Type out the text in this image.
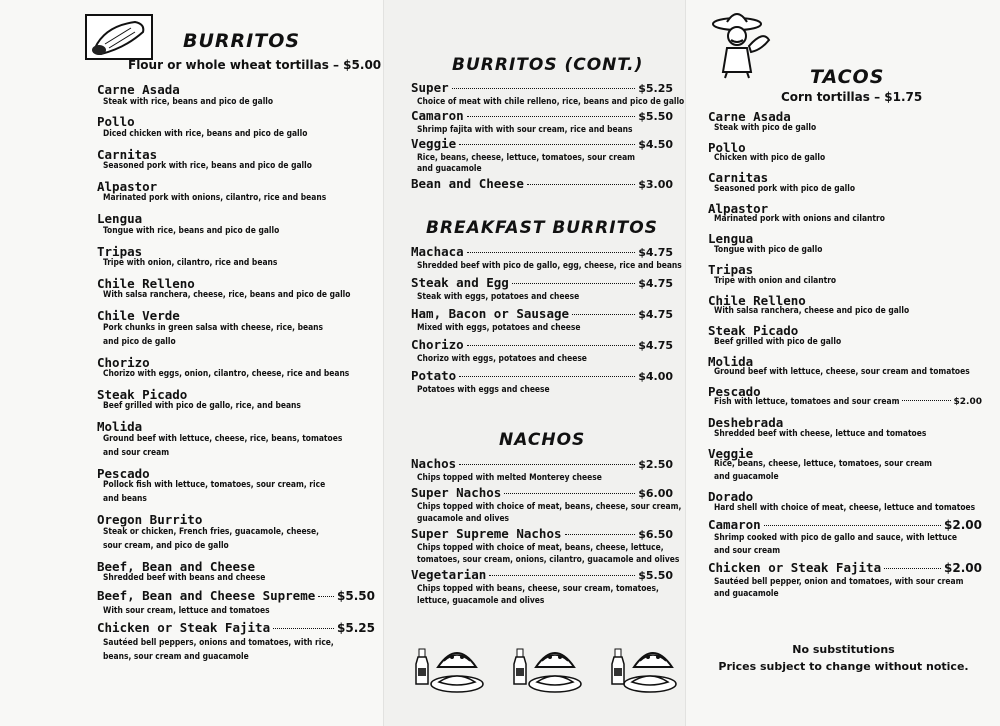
BURRITOS
Flour or whole wheat tortillas – $5.00
Carne Asada
Steak with rice, beans and pico de gallo
Pollo
Diced chicken with rice, beans and pico de gallo
Carnitas
Seasoned pork with rice, beans and pico de gallo
Alpastor
Marinated pork with onions, cilantro, rice and beans
Lengua
Tongue with rice, beans and pico de gallo
Tripas
Tripe with onion, cilantro, rice and beans
Chile Relleno
With salsa ranchera, cheese, rice, beans and pico de gallo
Chile Verde
Pork chunks in green salsa with cheese, rice, beans
and pico de gallo
Chorizo
Chorizo with eggs, onion, cilantro, cheese, rice and beans
Steak Picado
Beef grilled with pico de gallo, rice, and beans
Molida
Ground beef with lettuce, cheese, rice, beans, tomatoes
and sour cream
Pescado
Pollock fish with lettuce, tomatoes, sour cream, rice
and beans
Oregon Burrito
Steak or chicken, French fries, guacamole, cheese,
sour cream, and pico de gallo
Beef, Bean and Cheese
Shredded beef with beans and cheese
Beef, Bean and Cheese Supreme $5.50
With sour cream, lettuce and tomatoes
Chicken or Steak Fajita	$5.25
Sautéed bell peppers, onions and tomatoes, with rice,
beans, sour cream and guacamole
BURRITOS (CONT.)
Super	$5.25
Choice of meat with chile relleno, rice, beans and pico de gallo
Camaron	$5.50
Shrimp fajita with with sour cream, rice and beans
Veggie	$4.50
Rice, beans, cheese, lettuce, tomatoes, sour cream
and guacamole
Bean and Cheese	$3.00
BREAKFAST BURRITOS
Machaca	$4.75
Shredded beef with pico de gallo, egg, cheese, rice and beans
Steak and Egg	$4.75
Steak with eggs, potatoes and cheese
Ham, Bacon or Sausage	$4.75
Mixed with eggs, potatoes and cheese
Chorizo	$4.75
Chorizo with eggs, potatoes and cheese
Potato	$4.00
Potatoes with eggs and cheese
NACHOS
Nachos	$2.50
Chips topped with melted Monterey cheese
Super Nachos	$6.00
Chips topped with choice of meat, beans, cheese, sour cream,
guacamole and olives
Super Supreme Nachos	$6.50
Chips topped with choice of meat, beans, cheese, lettuce,
tomatoes, sour cream, onions, cilantro, guacamole and olives
Vegetarian	$5.50
Chips topped with beans, cheese, sour cream, tomatoes,
lettuce, guacamole and olives
TACOS
Corn tortillas – $1.75
Carne Asada
Steak with pico de gallo
Pollo
Chicken with pico de gallo
Carnitas
Seasoned pork with pico de gallo
Alpastor
Marinated pork with onions and cilantro
Lengua
Tongue with pico de gallo
Tripas
Tripe with onion and cilantro
Chile Relleno
With salsa ranchera, cheese and pico de gallo
Steak Picado
Beef grilled with pico de gallo
Molida
Ground beef with lettuce, cheese, sour cream and tomatoes
Pescado
Fish with lettuce, tomatoes and sour cream	$2.00
Deshebrada
Shredded beef with cheese, lettuce and tomatoes
Veggie
Rice, beans, cheese, lettuce, tomatoes, sour cream
and guacamole
Dorado
Hard shell with choice of meat, cheese, lettuce and tomatoes
Camaron	$2.00
Shrimp cooked with pico de gallo and sauce, with lettuce
and sour cream
Chicken or Steak Fajita	$2.00
Sautéed bell pepper, onion and tomatoes, with sour cream
and guacamole
No substitutions
Prices subject to change without notice.
